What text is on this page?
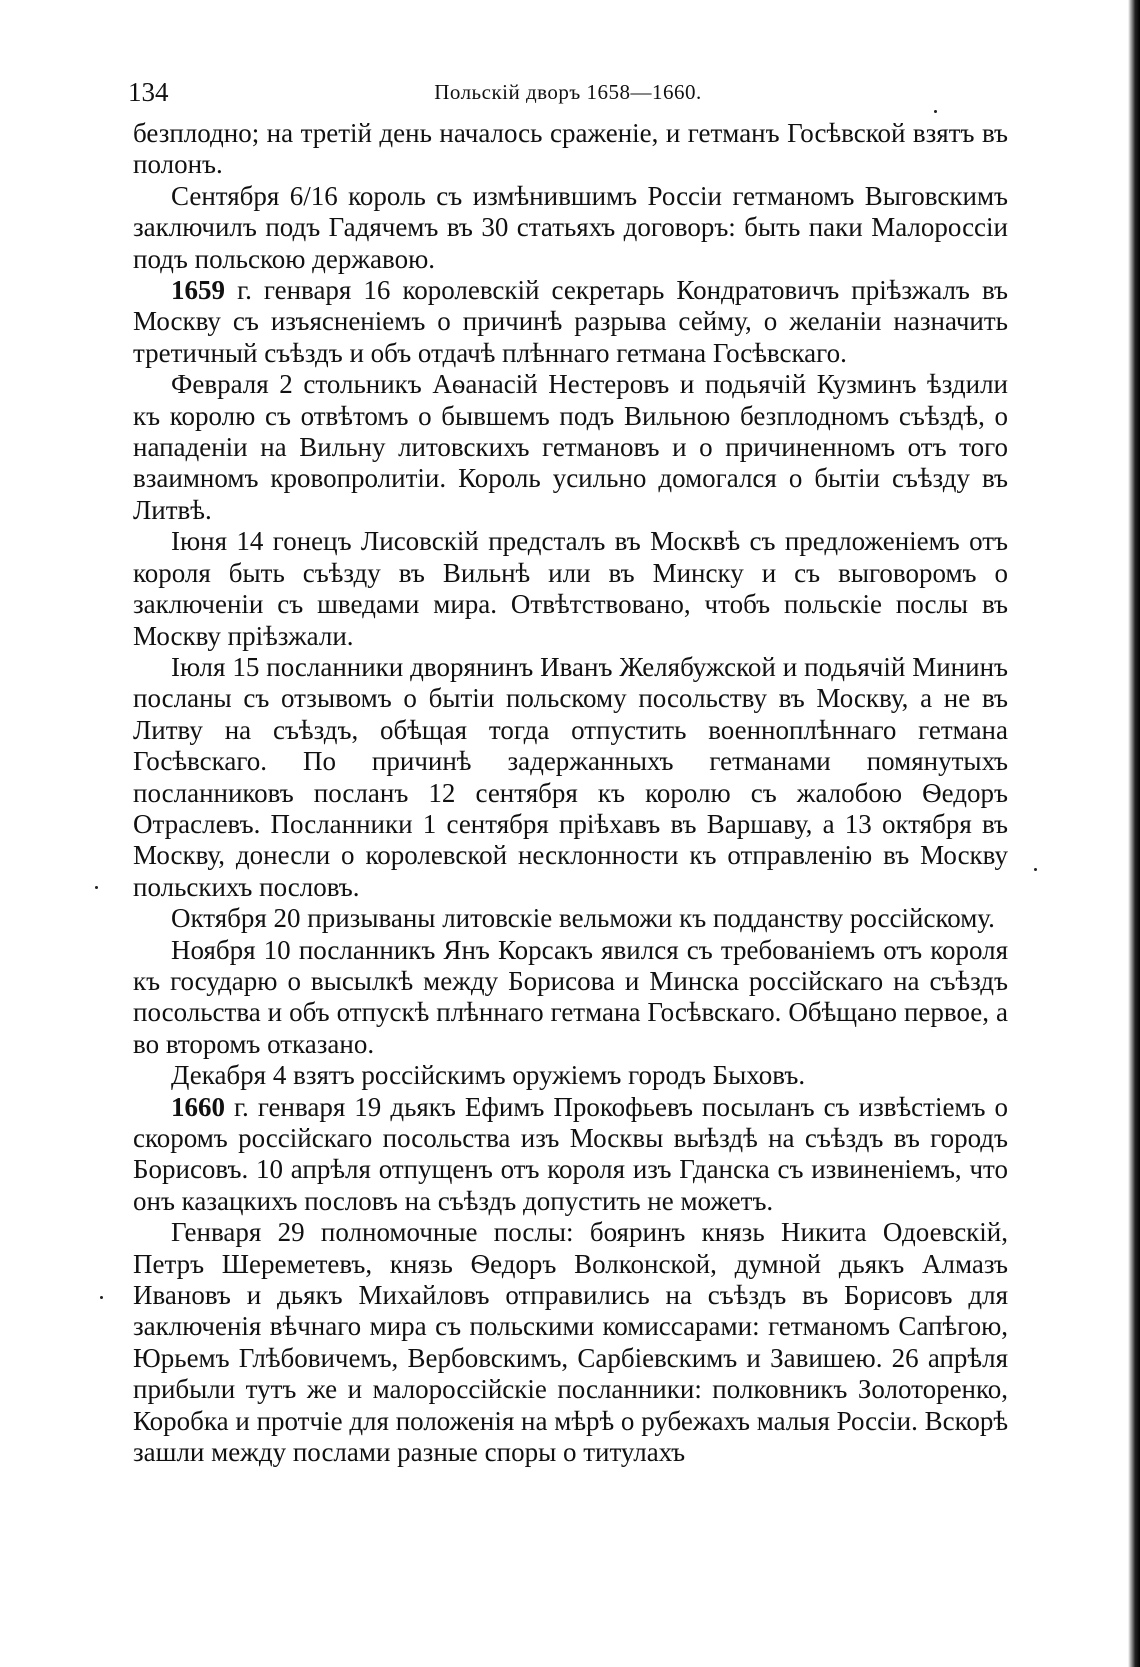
134	Польскій дворъ 1658—1660.

безплодно; на третій день началось сраженіе, и гетманъ Госѣвской взятъ въ полонъ.

Сентября 6/16 король съ измѣнившимъ Россіи гетманомъ Выговскимъ заключилъ подъ Гадячемъ въ 30 статьяхъ договоръ: быть паки Малороссіи подъ польскою державою.

1659 г. генваря 16 королевскій секретарь Кондратовичъ пріѣзжалъ въ Москву съ изъясненіемъ о причинѣ разрыва сейму, о желаніи назначить третичный съѣздъ и объ отдачѣ плѣннаго гетмана Госѣвскаго.

Февраля 2 стольникъ Аѳанасій Нестеровъ и подьячій Кузминъ ѣздили къ королю съ отвѣтомъ о бывшемъ подъ Вильною безплодномъ съѣздѣ, о нападеніи на Вильну литовскихъ гетмановъ и о причиненномъ отъ того взаимномъ кровопролитіи. Король усильно домогался о бытіи съѣзду въ Литвѣ.

Іюня 14 гонецъ Лисовскій предсталъ въ Москвѣ съ предложеніемъ отъ короля быть съѣзду въ Вильнѣ или въ Минску и съ выговоромъ о заключеніи съ шведами мира. Отвѣтствовано, чтобъ польскіе послы въ Москву пріѣзжали.

Іюля 15 посланники дворянинъ Иванъ Желябужской и подьячій Мининъ посланы съ отзывомъ о бытіи польскому посольству въ Москву, а не въ Литву на съѣздъ, обѣщая тогда отпустить военноплѣннаго гетмана Госѣвскаго. По причинѣ задержанныхъ гетманами помянутыхъ посланниковъ посланъ 12 сентября къ королю съ жалобою Ѳедоръ Отраслевъ. Посланники 1 сентября пріѣхавъ въ Варшаву, а 13 октября въ Москву, донесли о королевской несклонности къ отправленію въ Москву польскихъ пословъ.

Октября 20 призываны литовскіе вельможи къ подданству россійскому.

Ноября 10 посланникъ Янъ Корсакъ явился съ требованіемъ отъ короля къ государю о высылкѣ между Борисова и Минска россійскаго на съѣздъ посольства и объ отпускѣ плѣннаго гетмана Госѣвскаго. Обѣщано первое, а во второмъ отказано.

Декабря 4 взятъ россійскимъ оружіемъ городъ Быховъ.

1660 г. генваря 19 дьякъ Ефимъ Прокофьевъ посыланъ съ извѣстіемъ о скоромъ россійскаго посольства изъ Москвы выѣздѣ на съѣздъ въ городъ Борисовъ. 10 апрѣля отпущенъ отъ короля изъ Гданска съ извиненіемъ, что онъ казацкихъ пословъ на съѣздъ допустить не можетъ.

Генваря 29 полномочные послы: бояринъ князь Никита Одоевскій, Петръ Шереметевъ, князь Ѳедоръ Волконской, думной дьякъ Алмазъ Ивановъ и дьякъ Михайловъ отправились на съѣздъ въ Борисовъ для заключенія вѣчнаго мира съ польскими комиссарами: гетманомъ Сапѣгою, Юрьемъ Глѣбовичемъ, Вербовскимъ, Сарбіевскимъ и Завишею. 26 апрѣля прибыли тутъ же и малороссійскіе посланники: полковникъ Золоторенко, Коробка и протчіе для положенія на мѣрѣ о рубежахъ малыя Россіи. Вскорѣ зашли между послами разные споры о титулахъ
